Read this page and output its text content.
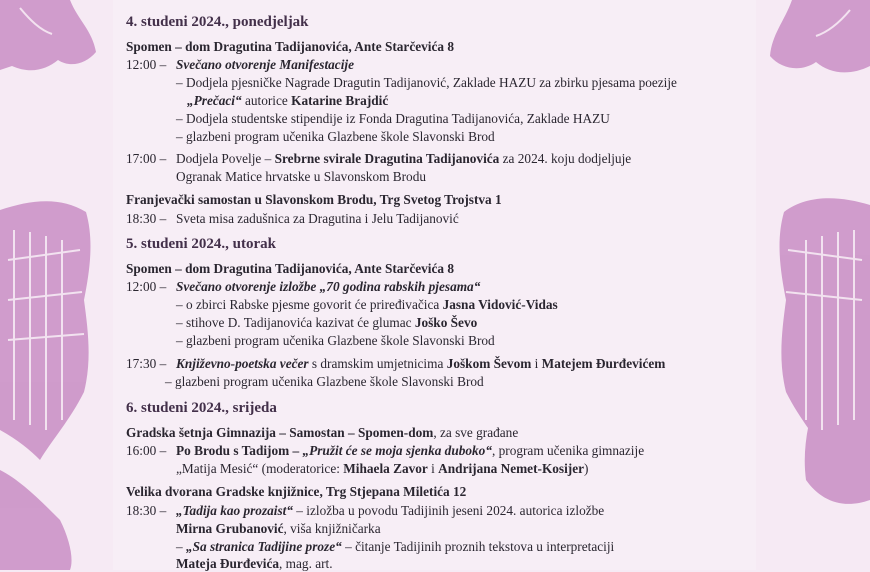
4. studeni 2024., ponedjeljak
Spomen – dom Dragutina Tadijanovića, Ante Starčevića 8
12:00 – Svečano otvorenje Manifestacije
– Dodjela pjesničke Nagrade Dragutin Tadijanović, Zaklade HAZU za zbirku pjesama poezije
„Prečaci“ autorice Katarine Brajdić
– Dodjela studentske stipendije iz Fonda Dragutina Tadijanovića, Zaklade HAZU
– glazbeni program učenika Glazbene škole Slavonski Brod
17:00 – Dodjela Povelje – Srebrne svirale Dragutina Tadijanovića za 2024. koju dodjeljuje
Ogranak Matice hrvatske u Slavonskom Brodu
Franjevački samostan u Slavonskom Brodu, Trg Svetog Trojstva 1
18:30 – Sveta misa zadušnica za Dragutina i Jelu Tadijanović
5. studeni 2024., utorak
Spomen – dom Dragutina Tadijanovića, Ante Starčevića 8
12:00 – Svečano otvorenje izložbe „70 godina rabskih pjesama“
– o zbirci Rabske pjesme govorit će priređivačica Jasna Vidović-Vidas
– stihove D. Tadijanovića kazivat će glumac Joško Ševo
– glazbeni program učenika Glazbene škole Slavonski Brod
17:30 – Književno-poetska večer s dramskim umjetnicima Joškom Ševom i Matejem Đurđevićem
– glazbeni program učenika Glazbene škole Slavonski Brod
6. studeni 2024., srijeda
Gradska šetnja Gimnazija – Samostan – Spomen-dom, za sve građane
16:00 – Po Brodu s Tadijom – „Pružit će se moja sjenka duboko“, program učenika gimnazije
„Matija Mesić“ (moderatorice: Mihaela Zavor i Andrijana Nemet-Kosijer)
Velika dvorana Gradske knjižnice, Trg Stjepana Miletića 12
18:30 – „Tadija kao prozaist“ – izložba u povodu Tadijinih jeseni 2024. autorica izložbe
Mirna Grubanović, viša knjižničarka
– „Sa stranica Tadijine proze“ – čitanje Tadijinih proznih tekstova u interpretaciji
Mateja Đurđevića, mag. art.
